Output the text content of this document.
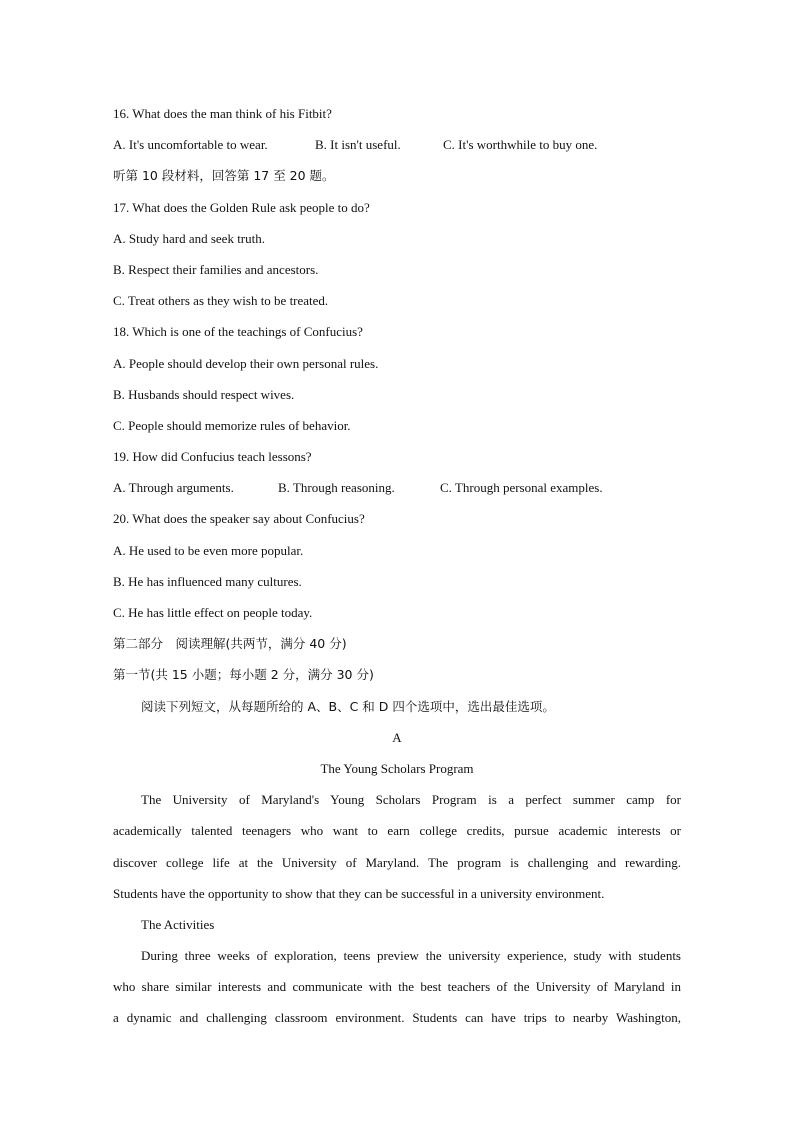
16. What does the man think of his Fitbit?
A. It's uncomfortable to wear.	B. It isn't useful.	C. It's worthwhile to buy one.
听第 10 段材料，回答第 17 至 20 题。
17. What does the Golden Rule ask people to do?
A. Study hard and seek truth.
B. Respect their families and ancestors.
C. Treat others as they wish to be treated.
18. Which is one of the teachings of Confucius?
A. People should develop their own personal rules.
B. Husbands should respect wives.
C. People should memorize rules of behavior.
19. How did Confucius teach lessons?
A. Through arguments.	B. Through reasoning.	C. Through personal examples.
20. What does the speaker say about Confucius?
A. He used to be even more popular.
B. He has influenced many cultures.
C. He has little effect on people today.
第二部分　阅读理解(共两节，满分 40 分)
第一节(共 15 小题；每小题 2 分，满分 30 分)
阅读下列短文，从每题所给的 A、B、C 和 D 四个选项中，选出最佳选项。
A
The Young Scholars Program
The University of Maryland's Young Scholars Program is a perfect summer camp for
academically talented teenagers who want to earn college credits, pursue academic interests or
discover college life at the University of Maryland. The program is challenging and rewarding.
Students have the opportunity to show that they can be successful in a university environment.
The Activities
During three weeks of exploration, teens preview the university experience, study with students
who share similar interests and communicate with the best teachers of the University of Maryland in
a dynamic and challenging classroom environment. Students can have trips to nearby Washington,
